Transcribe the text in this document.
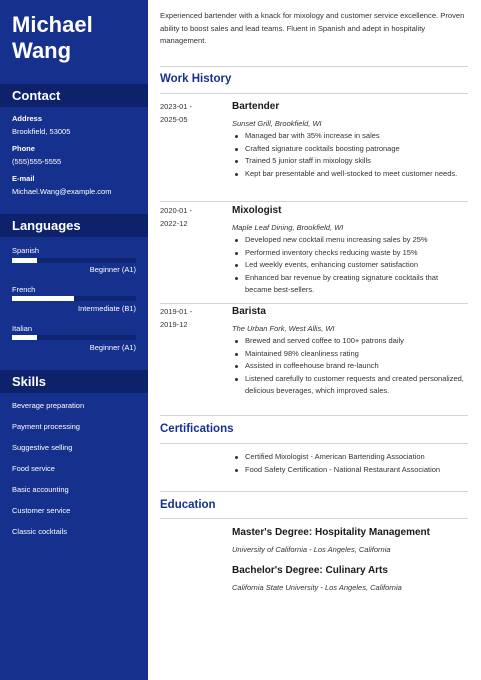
Michael
Wang
Contact
Address
Brookfield, 53005
Phone
(555)555-5555
E-mail
Michael.Wang@example.com
Languages
Spanish
Beginner (A1)
French
Intermediate (B1)
Italian
Beginner (A1)
Skills
Beverage preparation
Payment processing
Suggestive selling
Food service
Basic accounting
Customer service
Classic cocktails
Experienced bartender with a knack for mixology and customer service excellence. Proven ability to boost sales and lead teams. Fluent in Spanish and adept in hospitality management.
Work History
2023-01 -
2025-05
Bartender
Sunset Grill, Brookfield, WI
Managed bar with 35% increase in sales
Crafted signature cocktails boosting patronage
Trained 5 junior staff in mixology skills
Kept bar presentable and well-stocked to meet customer needs.
2020-01 -
2022-12
Mixologist
Maple Leaf Dining, Brookfield, WI
Developed new cocktail menu increasing sales by 25%
Performed inventory checks reducing waste by 15%
Led weekly events, enhancing customer satisfaction
Enhanced bar revenue by creating signature cocktails that became best-sellers.
2019-01 -
2019-12
Barista
The Urban Fork, West Allis, WI
Brewed and served coffee to 100+ patrons daily
Maintained 98% cleanliness rating
Assisted in coffeehouse brand re-launch
Listened carefully to customer requests and created personalized, delicious beverages, which improved sales.
Certifications
Certified Mixologist - American Bartending Association
Food Safety Certification - National Restaurant Association
Education
Master's Degree: Hospitality Management
University of California - Los Angeles, California
Bachelor's Degree: Culinary Arts
California State University - Los Angeles, California
